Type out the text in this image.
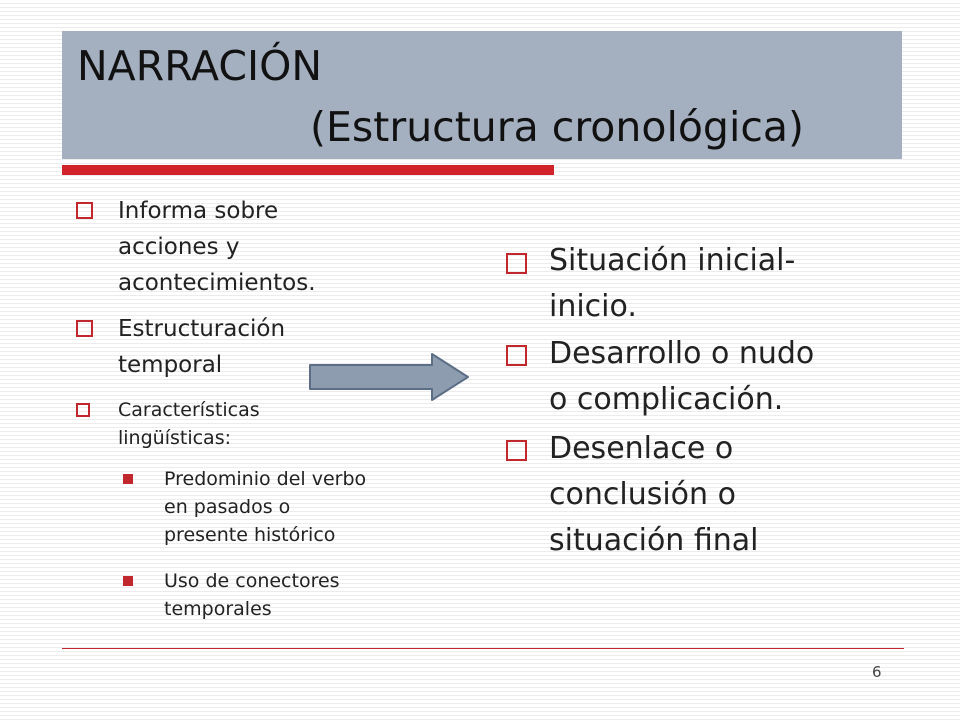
NARRACIÓN
(Estructura cronológica)
Informa sobre
acciones y
acontecimientos.
Estructuración
temporal
Características
lingüísticas:
Predominio del verbo
en pasados o
presente histórico
Uso de conectores
temporales
Situación inicial-
inicio.
Desarrollo o nudo
o complicación.
Desenlace o
conclusión o
situación final
6
